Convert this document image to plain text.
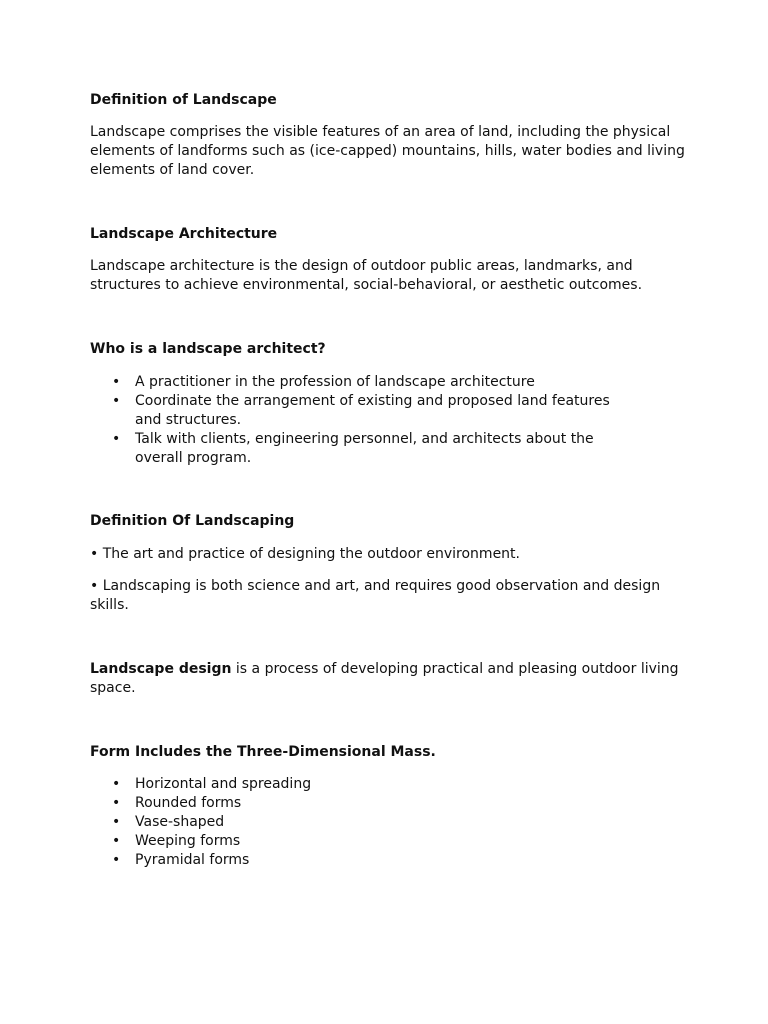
Definition of Landscape
Landscape comprises the visible features of an area of land, including the physical elements of landforms such as (ice-capped) mountains, hills, water bodies and living elements of land cover.
Landscape Architecture
Landscape architecture is the design of outdoor public areas, landmarks, and structures to achieve environmental, social-behavioral, or aesthetic outcomes.
Who is a landscape architect?
• A practitioner in the profession of landscape architecture
• Coordinate the arrangement of existing and proposed land features and structures.
• Talk with clients, engineering personnel, and architects about the overall program.
Definition Of Landscaping
• The art and practice of designing the outdoor environment.
• Landscaping is both science and art, and requires good observation and design skills.
Landscape design is a process of developing practical and pleasing outdoor living space.
Form Includes the Three-Dimensional Mass.
• Horizontal and spreading
• Rounded forms
• Vase-shaped
• Weeping forms
• Pyramidal forms
